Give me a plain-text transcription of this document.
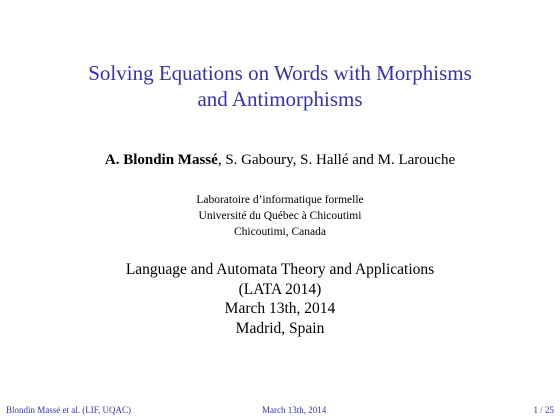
Solving Equations on Words with Morphisms
and Antimorphisms
A. Blondin Massé, S. Gaboury, S. Hallé and M. Larouche
Laboratoire d’informatique formelle
Université du Québec à Chicoutimi
Chicoutimi, Canada
Language and Automata Theory and Applications
(LATA 2014)
March 13th, 2014
Madrid, Spain
Blondin Massé et al. (LIF, UQAC)	March 13th, 2014	1 / 25
